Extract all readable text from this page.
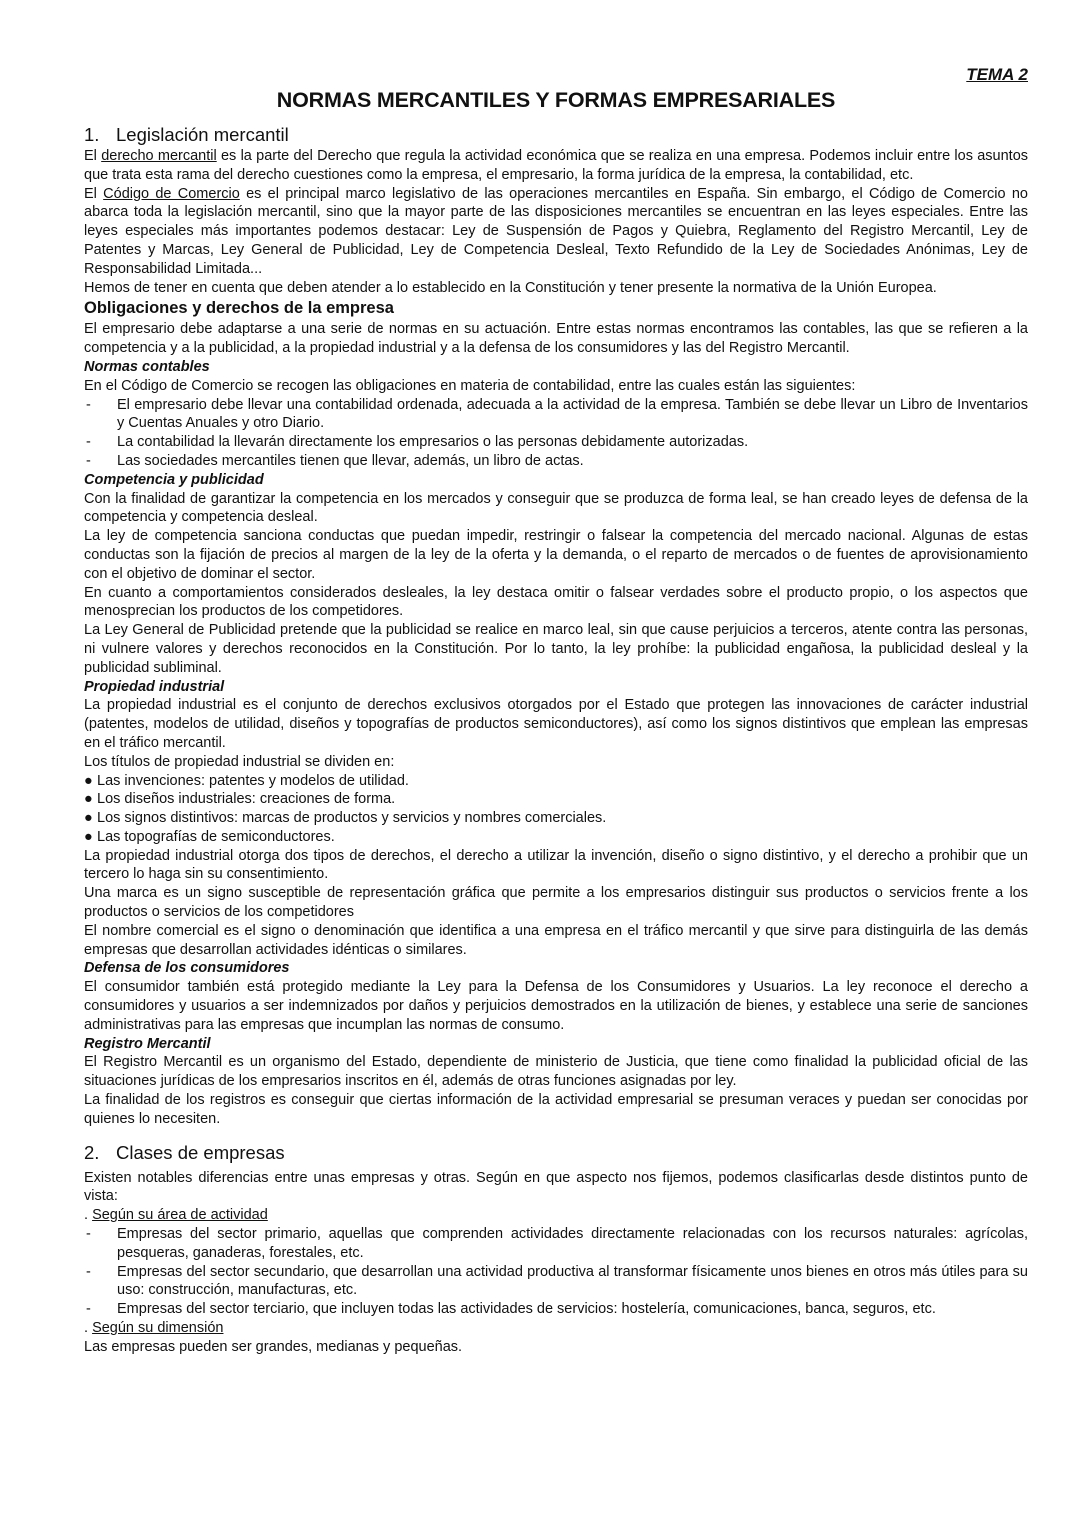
TEMA 2
NORMAS MERCANTILES Y FORMAS EMPRESARIALES
1. Legislación mercantil

El derecho mercantil es la parte del Derecho que regula la actividad económica que se realiza en una empresa. Podemos incluir entre los asuntos que trata esta rama del derecho cuestiones como la empresa, el empresario, la forma jurídica de la empresa, la contabilidad, etc.

El Código de Comercio es el principal marco legislativo de las operaciones mercantiles en España. Sin embargo, el Código de Comercio no abarca toda la legislación mercantil, sino que la mayor parte de las disposiciones mercantiles se encuentran en las leyes especiales. Entre las leyes especiales más importantes podemos destacar: Ley de Suspensión de Pagos y Quiebra, Reglamento del Registro Mercantil, Ley de Patentes y Marcas, Ley General de Publicidad, Ley de Competencia Desleal, Texto Refundido de la Ley de Sociedades Anónimas, Ley de Responsabilidad Limitada...

Hemos de tener en cuenta que deben atender a lo establecido en la Constitución y tener presente la normativa de la Unión Europea.

Obligaciones y derechos de la empresa

El empresario debe adaptarse a una serie de normas en su actuación. Entre estas normas encontramos las contables, las que se refieren a la competencia y a la publicidad, a la propiedad industrial y a la defensa de los consumidores y las del Registro Mercantil.

Normas contables

En el Código de Comercio se recogen las obligaciones en materia de contabilidad, entre las cuales están las siguientes:

- El empresario debe llevar una contabilidad ordenada, adecuada a la actividad de la empresa. También se debe llevar un Libro de Inventarios y Cuentas Anuales y otro Diario.
- La contabilidad la llevarán directamente los empresarios o las personas debidamente autorizadas.
- Las sociedades mercantiles tienen que llevar, además, un libro de actas.
Competencia y publicidad

Con la finalidad de garantizar la competencia en los mercados y conseguir que se produzca de forma leal, se han creado leyes de defensa de la competencia y competencia desleal.

La ley de competencia sanciona conductas que puedan impedir, restringir o falsear la competencia del mercado nacional. Algunas de estas conductas son la fijación de precios al margen de la ley de la oferta y la demanda, o el reparto de mercados o de fuentes de aprovisionamiento con el objetivo de dominar el sector.

En cuanto a comportamientos considerados desleales, la ley destaca omitir o falsear verdades sobre el producto propio, o los aspectos que menosprecian los productos de los competidores.

La Ley General de Publicidad pretende que la publicidad se realice en marco leal, sin que cause perjuicios a terceros, atente contra las personas, ni vulnere valores y derechos reconocidos en la Constitución. Por lo tanto, la ley prohíbe: la publicidad engañosa, la publicidad desleal y la publicidad subliminal.

Propiedad industrial

La propiedad industrial es el conjunto de derechos exclusivos otorgados por el Estado que protegen las innovaciones de carácter industrial (patentes, modelos de utilidad, diseños y topografías de productos semiconductores), así como los signos distintivos que emplean las empresas en el tráfico mercantil.

Los títulos de propiedad industrial se dividen en:

● Las invenciones: patentes y modelos de utilidad.
● Los diseños industriales: creaciones de forma.
● Los signos distintivos: marcas de productos y servicios y nombres comerciales.
● Las topografías de semiconductores.

La propiedad industrial otorga dos tipos de derechos, el derecho a utilizar la invención, diseño o signo distintivo, y el derecho a prohibir que un tercero lo haga sin su consentimiento.

Una marca es un signo susceptible de representación gráfica que permite a los empresarios distinguir sus productos o servicios frente a los productos o servicios de los competidores

El nombre comercial es el signo o denominación que identifica a una empresa en el tráfico mercantil y que sirve para distinguirla de las demás empresas que desarrollan actividades idénticas o similares.

Defensa de los consumidores

El consumidor también está protegido mediante la Ley para la Defensa de los Consumidores y Usuarios. La ley reconoce el derecho a consumidores y usuarios a ser indemnizados por daños y perjuicios demostrados en la utilización de bienes, y establece una serie de sanciones administrativas para las empresas que incumplan las normas de consumo.

Registro Mercantil

El Registro Mercantil es un organismo del Estado, dependiente de ministerio de Justicia, que tiene como finalidad la publicidad oficial de las situaciones jurídicas de los empresarios inscritos en él, además de otras funciones asignadas por ley.

La finalidad de los registros es conseguir que ciertas información de la actividad empresarial se presuman veraces y puedan ser conocidas por quienes lo necesiten.

2. Clases de empresas

Existen notables diferencias entre unas empresas y otras. Según en que aspecto nos fijemos, podemos clasificarlas desde distintos punto de vista:

. Según su área de actividad

- Empresas del sector primario, aquellas que comprenden actividades directamente relacionadas con los recursos naturales: agrícolas, pesqueras, ganaderas, forestales, etc.
- Empresas del sector secundario, que desarrollan una actividad productiva al transformar físicamente unos bienes en otros más útiles para su uso: construcción, manufacturas, etc.
- Empresas del sector terciario, que incluyen todas las actividades de servicios: hostelería, comunicaciones, banca, seguros, etc.

. Según su dimensión

Las empresas pueden ser grandes, medianas y pequeñas.
